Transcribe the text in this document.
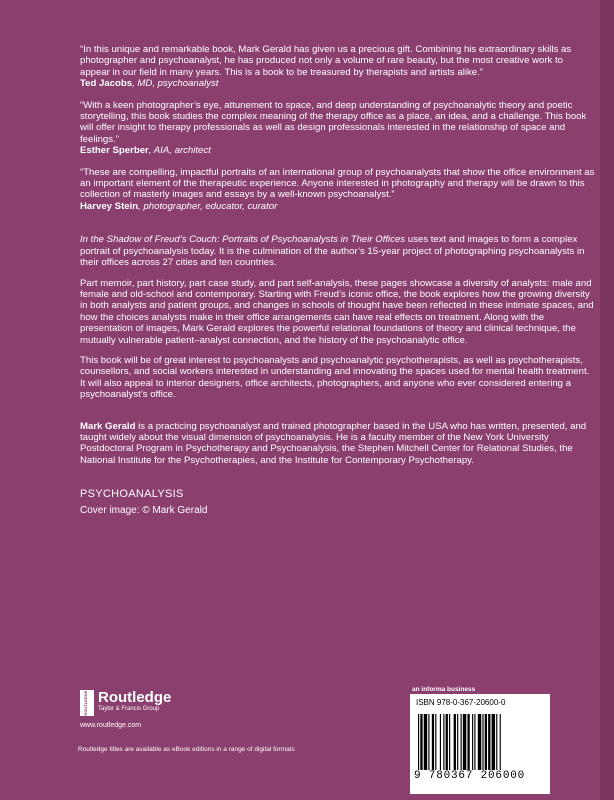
“In this unique and remarkable book, Mark Gerald has given us a precious gift. Combining his extraordinary skills as photographer and psychoanalyst, he has produced not only a volume of rare beauty, but the most creative work to appear in our field in many years. This is a book to be treasured by therapists and artists alike.”
Ted Jacobs, MD, psychoanalyst
“With a keen photographer’s eye, attunement to space, and deep understanding of psychoanalytic theory and poetic storytelling, this book studies the complex meaning of the therapy office as a place, an idea, and a challenge. This book will offer insight to therapy professionals as well as design professionals interested in the relationship of space and feelings.”
Esther Sperber, AIA, architect
“These are compelling, impactful portraits of an international group of psychoanalysts that show the office environment as an important element of the therapeutic experience. Anyone interested in photography and therapy will be drawn to this collection of masterly images and essays by a well-known psychoanalyst.”
Harvey Stein, photographer, educator, curator
In the Shadow of Freud’s Couch: Portraits of Psychoanalysts in Their Offices uses text and images to form a complex portrait of psychoanalysis today. It is the culmination of the author’s 15-year project of photographing psychoanalysts in their offices across 27 cities and ten countries.
Part memoir, part history, part case study, and part self-analysis, these pages showcase a diversity of analysts: male and female and old-school and contemporary. Starting with Freud’s iconic office, the book explores how the growing diversity in both analysts and patient groups, and changes in schools of thought have been reflected in these intimate spaces, and how the choices analysts make in their office arrangements can have real effects on treatment. Along with the presentation of images, Mark Gerald explores the powerful relational foundations of theory and clinical technique, the mutually vulnerable patient–analyst connection, and the history of the psychoanalytic office.
This book will be of great interest to psychoanalysts and psychoanalytic psychotherapists, as well as psychotherapists, counsellors, and social workers interested in understanding and innovating the spaces used for mental health treatment. It will also appeal to interior designers, office architects, photographers, and anyone who ever considered entering a psychoanalyst’s office.
Mark Gerald is a practicing psychoanalyst and trained photographer based in the USA who has written, presented, and taught widely about the visual dimension of psychoanalysis. He is a faculty member of the New York University Postdoctoral Program in Psychotherapy and Psychoanalysis, the Stephen Mitchell Center for Relational Studies, the National Institute for the Psychotherapies, and the Institute for Contemporary Psychotherapy.
PSYCHOANALYSIS
Cover image: © Mark Gerald
ROUTLEDGE Routledge
Taylor & Francis Group
www.routledge.com
Routledge titles are available as eBook editions in a range of digital formats
an informa business
ISBN 978-0-367-20600-0
9 780367 206000
